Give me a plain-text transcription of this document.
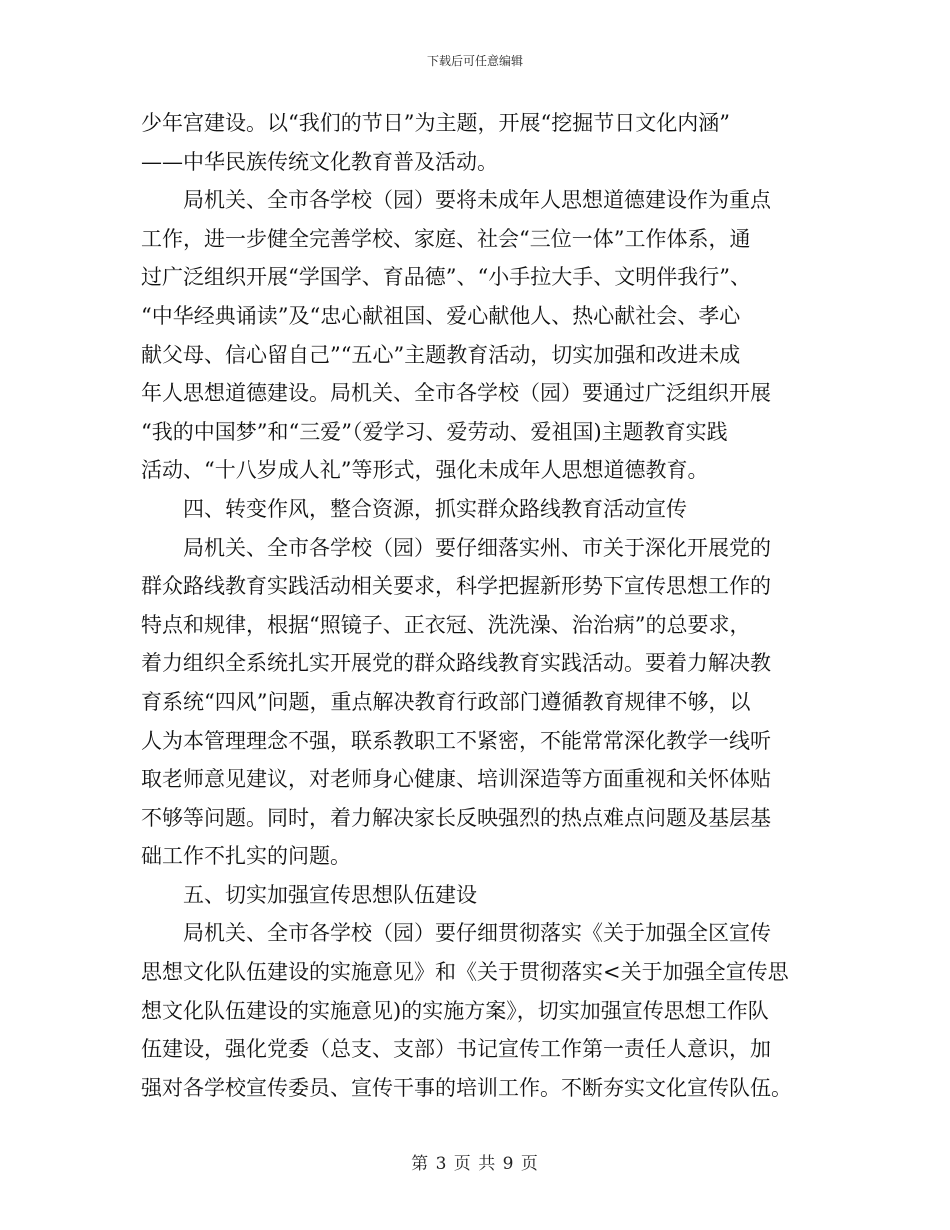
下载后可任意编辑
少年宫建设。以“我们的节日”为主题，开展“挖掘节日文化内涵”
——中华民族传统文化教育普及活动。
　　局机关、全市各学校（园）要将未成年人思想道德建设作为重点
工作，进一步健全完善学校、家庭、社会“三位一体”工作体系，通
过广泛组织开展“学国学、育品德”、“小手拉大手、文明伴我行”、
“中华经典诵读”及“忠心献祖国、爱心献他人、热心献社会、孝心
献父母、信心留自己”“五心”主题教育活动，切实加强和改进未成
年人思想道德建设。局机关、全市各学校（园）要通过广泛组织开展
“我的中国梦”和“三爱”（爱学习、爱劳动、爱祖国)主题教育实践
活动、“十八岁成人礼”等形式，强化未成年人思想道德教育。
　　四、转变作风，整合资源，抓实群众路线教育活动宣传
　　局机关、全市各学校（园）要仔细落实州、市关于深化开展党的
群众路线教育实践活动相关要求，科学把握新形势下宣传思想工作的
特点和规律，根据“照镜子、正衣冠、洗洗澡、治治病”的总要求，
着力组织全系统扎实开展党的群众路线教育实践活动。要着力解决教
育系统“四风”问题，重点解决教育行政部门遵循教育规律不够，以
人为本管理理念不强，联系教职工不紧密，不能常常深化教学一线听
取老师意见建议，对老师身心健康、培训深造等方面重视和关怀体贴
不够等问题。同时，着力解决家长反映强烈的热点难点问题及基层基
础工作不扎实的问题。
　　五、切实加强宣传思想队伍建设
　　局机关、全市各学校（园）要仔细贯彻落实《关于加强全区宣传
思想文化队伍建设的实施意见》和《关于贯彻落实<关于加强全宣传思
想文化队伍建设的实施意见)的实施方案》，切实加强宣传思想工作队
伍建设，强化党委（总支、支部）书记宣传工作第一责任人意识，加
强对各学校宣传委员、宣传干事的培训工作。不断夯实文化宣传队伍。
第 3 页 共 9 页
